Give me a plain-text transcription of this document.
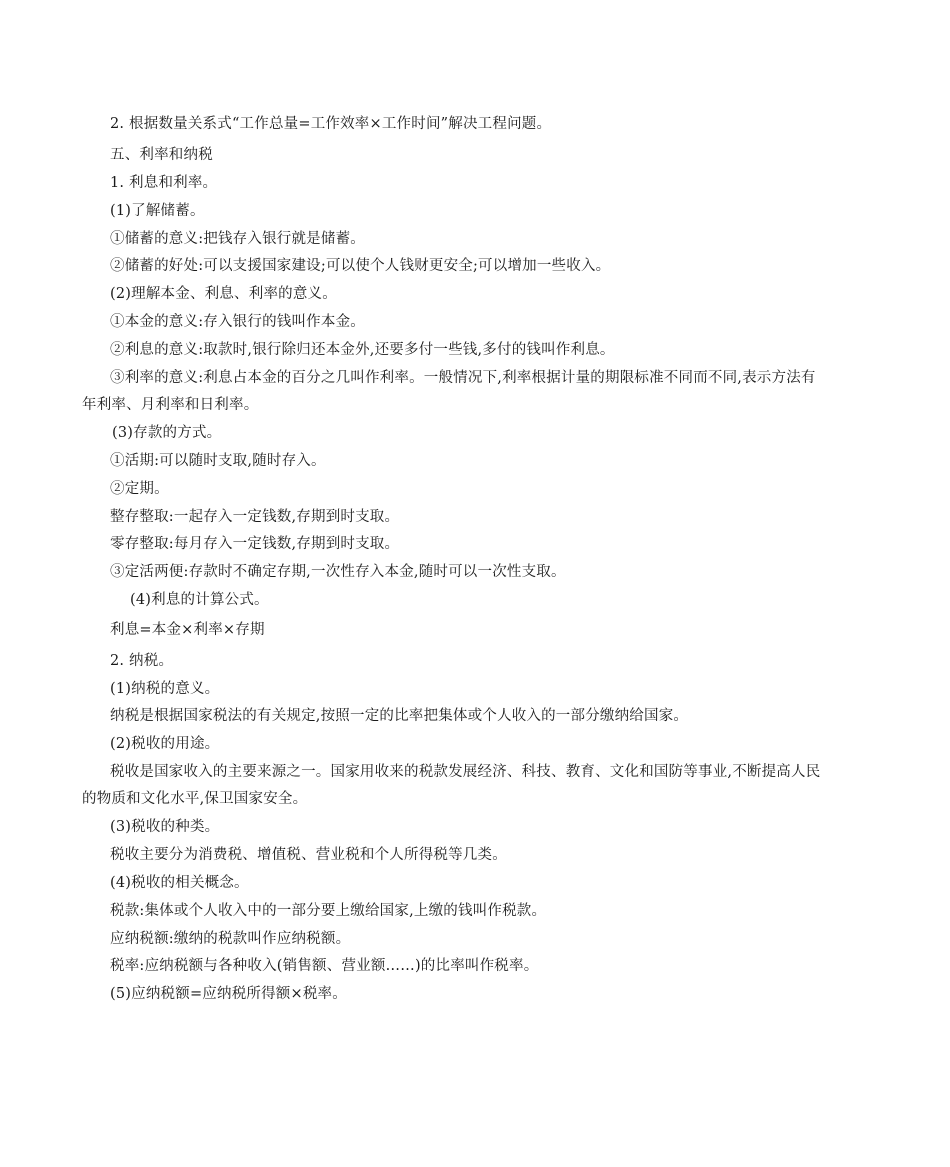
2. 根据数量关系式“工作总量=工作效率×工作时间”解决工程问题。
五、利率和纳税
1. 利息和利率。
(1)了解储蓄。
①储蓄的意义:把钱存入银行就是储蓄。
②储蓄的好处:可以支援国家建设;可以使个人钱财更安全;可以增加一些收入。
(2)理解本金、利息、利率的意义。
①本金的意义:存入银行的钱叫作本金。
②利息的意义:取款时,银行除归还本金外,还要多付一些钱,多付的钱叫作利息。
③利率的意义:利息占本金的百分之几叫作利率。一般情况下,利率根据计量的期限标准不同而不同,表示方法有
年利率、月利率和日利率。
(3)存款的方式。
①活期:可以随时支取,随时存入。
②定期。
整存整取:一起存入一定钱数,存期到时支取。
零存整取:每月存入一定钱数,存期到时支取。
③定活两便:存款时不确定存期,一次性存入本金,随时可以一次性支取。
(4)利息的计算公式。
利息=本金×利率×存期
2. 纳税。
(1)纳税的意义。
纳税是根据国家税法的有关规定,按照一定的比率把集体或个人收入的一部分缴纳给国家。
(2)税收的用途。
税收是国家收入的主要来源之一。国家用收来的税款发展经济、科技、教育、文化和国防等事业,不断提高人民
的物质和文化水平,保卫国家安全。
(3)税收的种类。
税收主要分为消费税、增值税、营业税和个人所得税等几类。
(4)税收的相关概念。
税款:集体或个人收入中的一部分要上缴给国家,上缴的钱叫作税款。
应纳税额:缴纳的税款叫作应纳税额。
税率:应纳税额与各种收入(销售额、营业额……)的比率叫作税率。
(5)应纳税额=应纳税所得额×税率。
